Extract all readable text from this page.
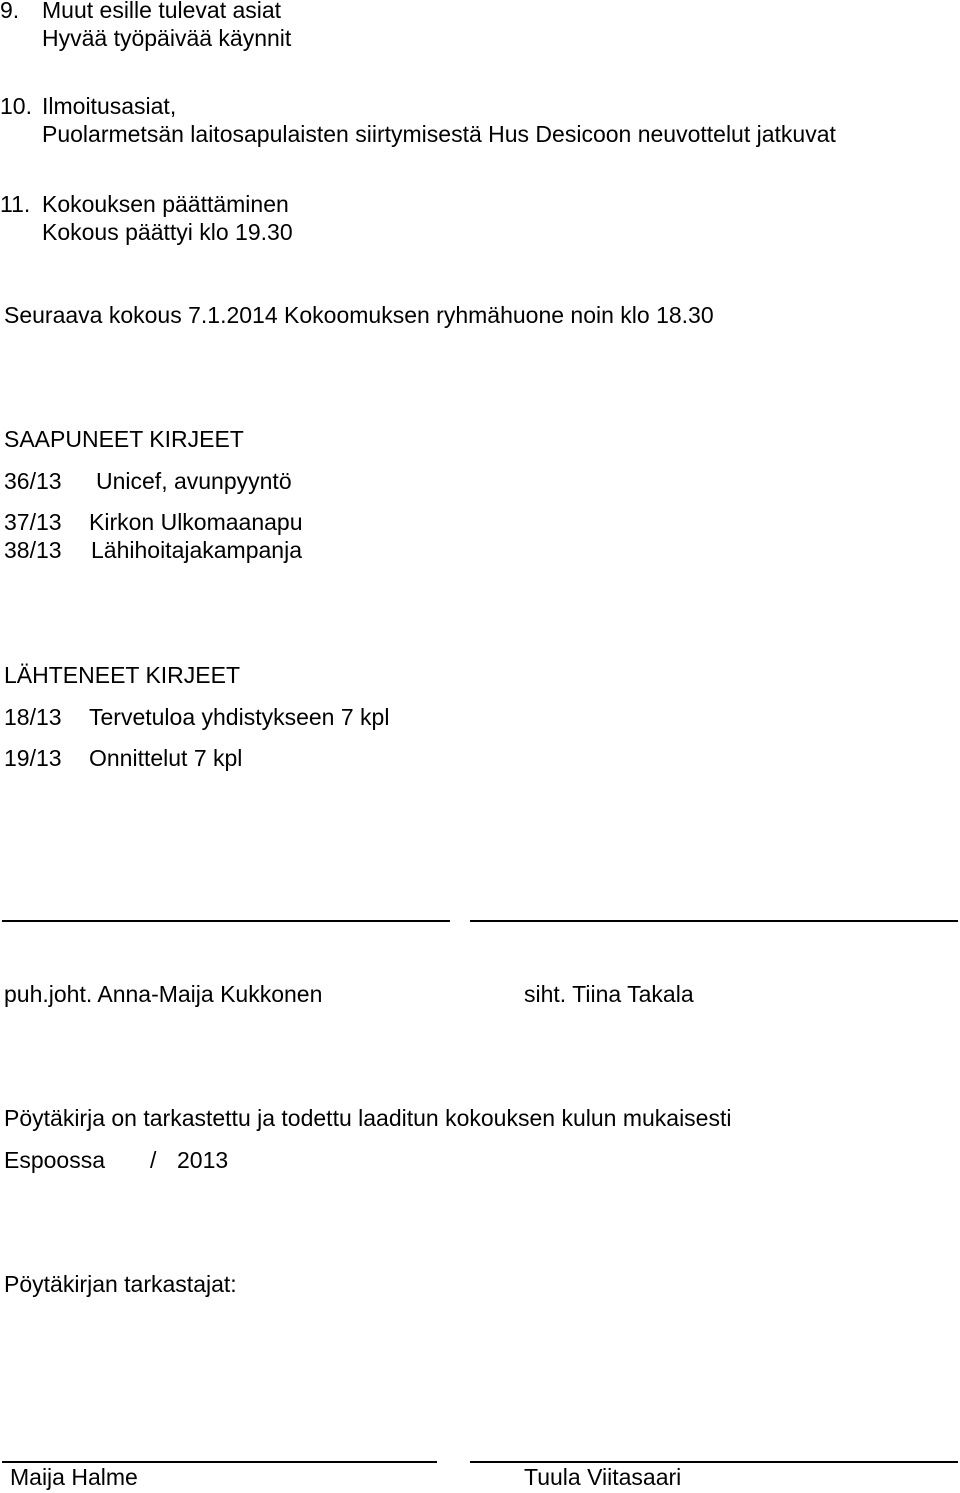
9. Muut esille tulevat asiat
Hyvää työpäivää käynnit
10. Ilmoitusasiat,
Puolarmetsän laitosapulaisten siirtymisestä Hus Desicoon neuvottelut jatkuvat
11. Kokouksen päättäminen
Kokous päättyi klo 19.30
Seuraava kokous 7.1.2014 Kokoomuksen ryhmähuone noin klo 18.30
SAAPUNEET KIRJEET
36/13 Unicef, avunpyyntö
37/13 Kirkon Ulkomaanapu
38/13 Lähihoitajakampanja
LÄHTENEET KIRJEET
18/13 Tervetuloa yhdistykseen 7 kpl
19/13 Onnittelut 7 kpl
puh.joht. Anna-Maija Kukkonen	siht. Tiina Takala
Pöytäkirja on tarkastettu ja todettu laaditun kokouksen kulun mukaisesti
Espoossa / 2013
Pöytäkirjan tarkastajat:
Maija Halme	Tuula Viitasaari
